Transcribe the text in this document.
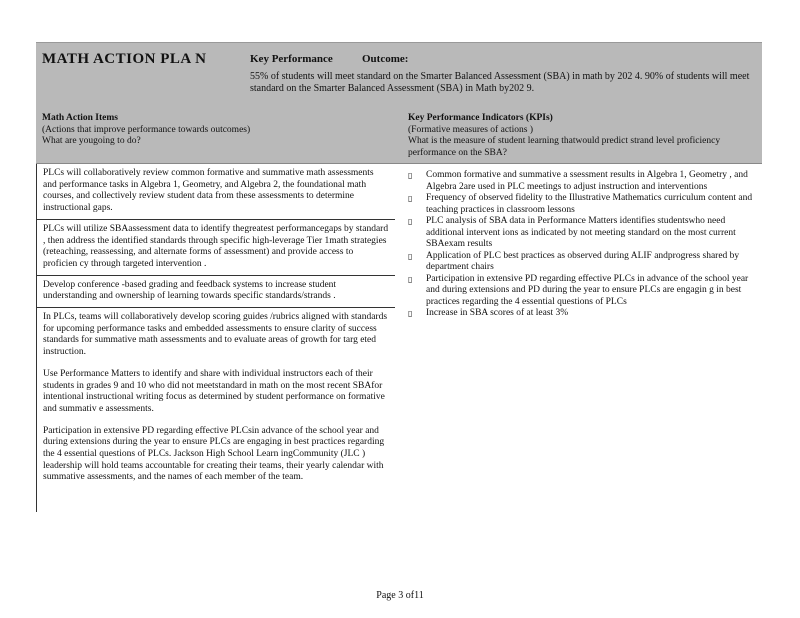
MATH ACTION PLA N	Key Performance	Outcome:
55% of students will meet standard on the Smarter Balanced Assessment (SBA) in math by 202 4. 90% of students will meet standard on the Smarter Balanced Assessment (SBA) in Math by202 9.
Math Action Items
(Actions that improve performance towards outcomes)
What are yougoing to do?
Key Performance Indicators (KPIs)
(Formative measures of actions )
What is the measure of student learning thatwould predict strand level proficiency performance on the SBA?
PLCs will collaboratively review common formative and summative math assessments and performance tasks in Algebra 1, Geometry, and Algebra 2, the foundational math courses, and collectively review student data from these assessments to determine instructional gaps.
PLCs will utilize SBAassessment data to identify thegreatest performancegaps by standard , then address the identified standards through specific high-leverage Tier 1math strategies (reteaching, reassessing, and alternate forms of assessment) and provide access to proficien cy through targeted intervention .
Develop conference -based grading and feedback systems to increase student understanding and ownership of learning towards specific standards/strands .

In PLCs, teams will collaboratively develop scoring guides /rubrics aligned with standards for upcoming performance tasks and embedded assessments to ensure clarity of success standards for summative math assessments and to evaluate areas of growth for targ eted instruction.

Use Performance Matters to identify and share with individual instructors each of their students in grades 9 and 10 who did not meetstandard in math on the most recent SBAfor intentional instructional writing focus as determined by student performance on formative and summativ e assessments.

Participation in extensive PD regarding effective PLCsin advance of the school year and during extensions during the year to ensure PLCs are engaging in best practices regarding the 4 essential questions of PLCs. Jackson High School Learn ingCommunity (JLC ) leadership will hold teams accountable for creating their teams, their yearly calendar with summative assessments, and the names of each member of the team.

▯ Common formative and summative a ssessment results in Algebra 1, Geometry , and Algebra 2are used in PLC meetings to adjust instruction and interventions
▯ Frequency of observed fidelity to the Illustrative Mathematics curriculum content and teaching practices in classroom lessons
▯ PLC analysis of SBA data in Performance Matters identifies studentswho need additional intervent ions as indicated by not meeting standard on the most current SBAexam results
▯ Application of PLC best practices as observed during ALIF andprogress shared by department chairs
▯ Participation in extensive PD regarding effective PLCs in advance of the school year and during extensions and PD during the year to ensure PLCs are engagin g in best practices regarding the 4 essential questions of PLCs
▯ Increase in SBA scores of at least 3%
Page 3 of11
